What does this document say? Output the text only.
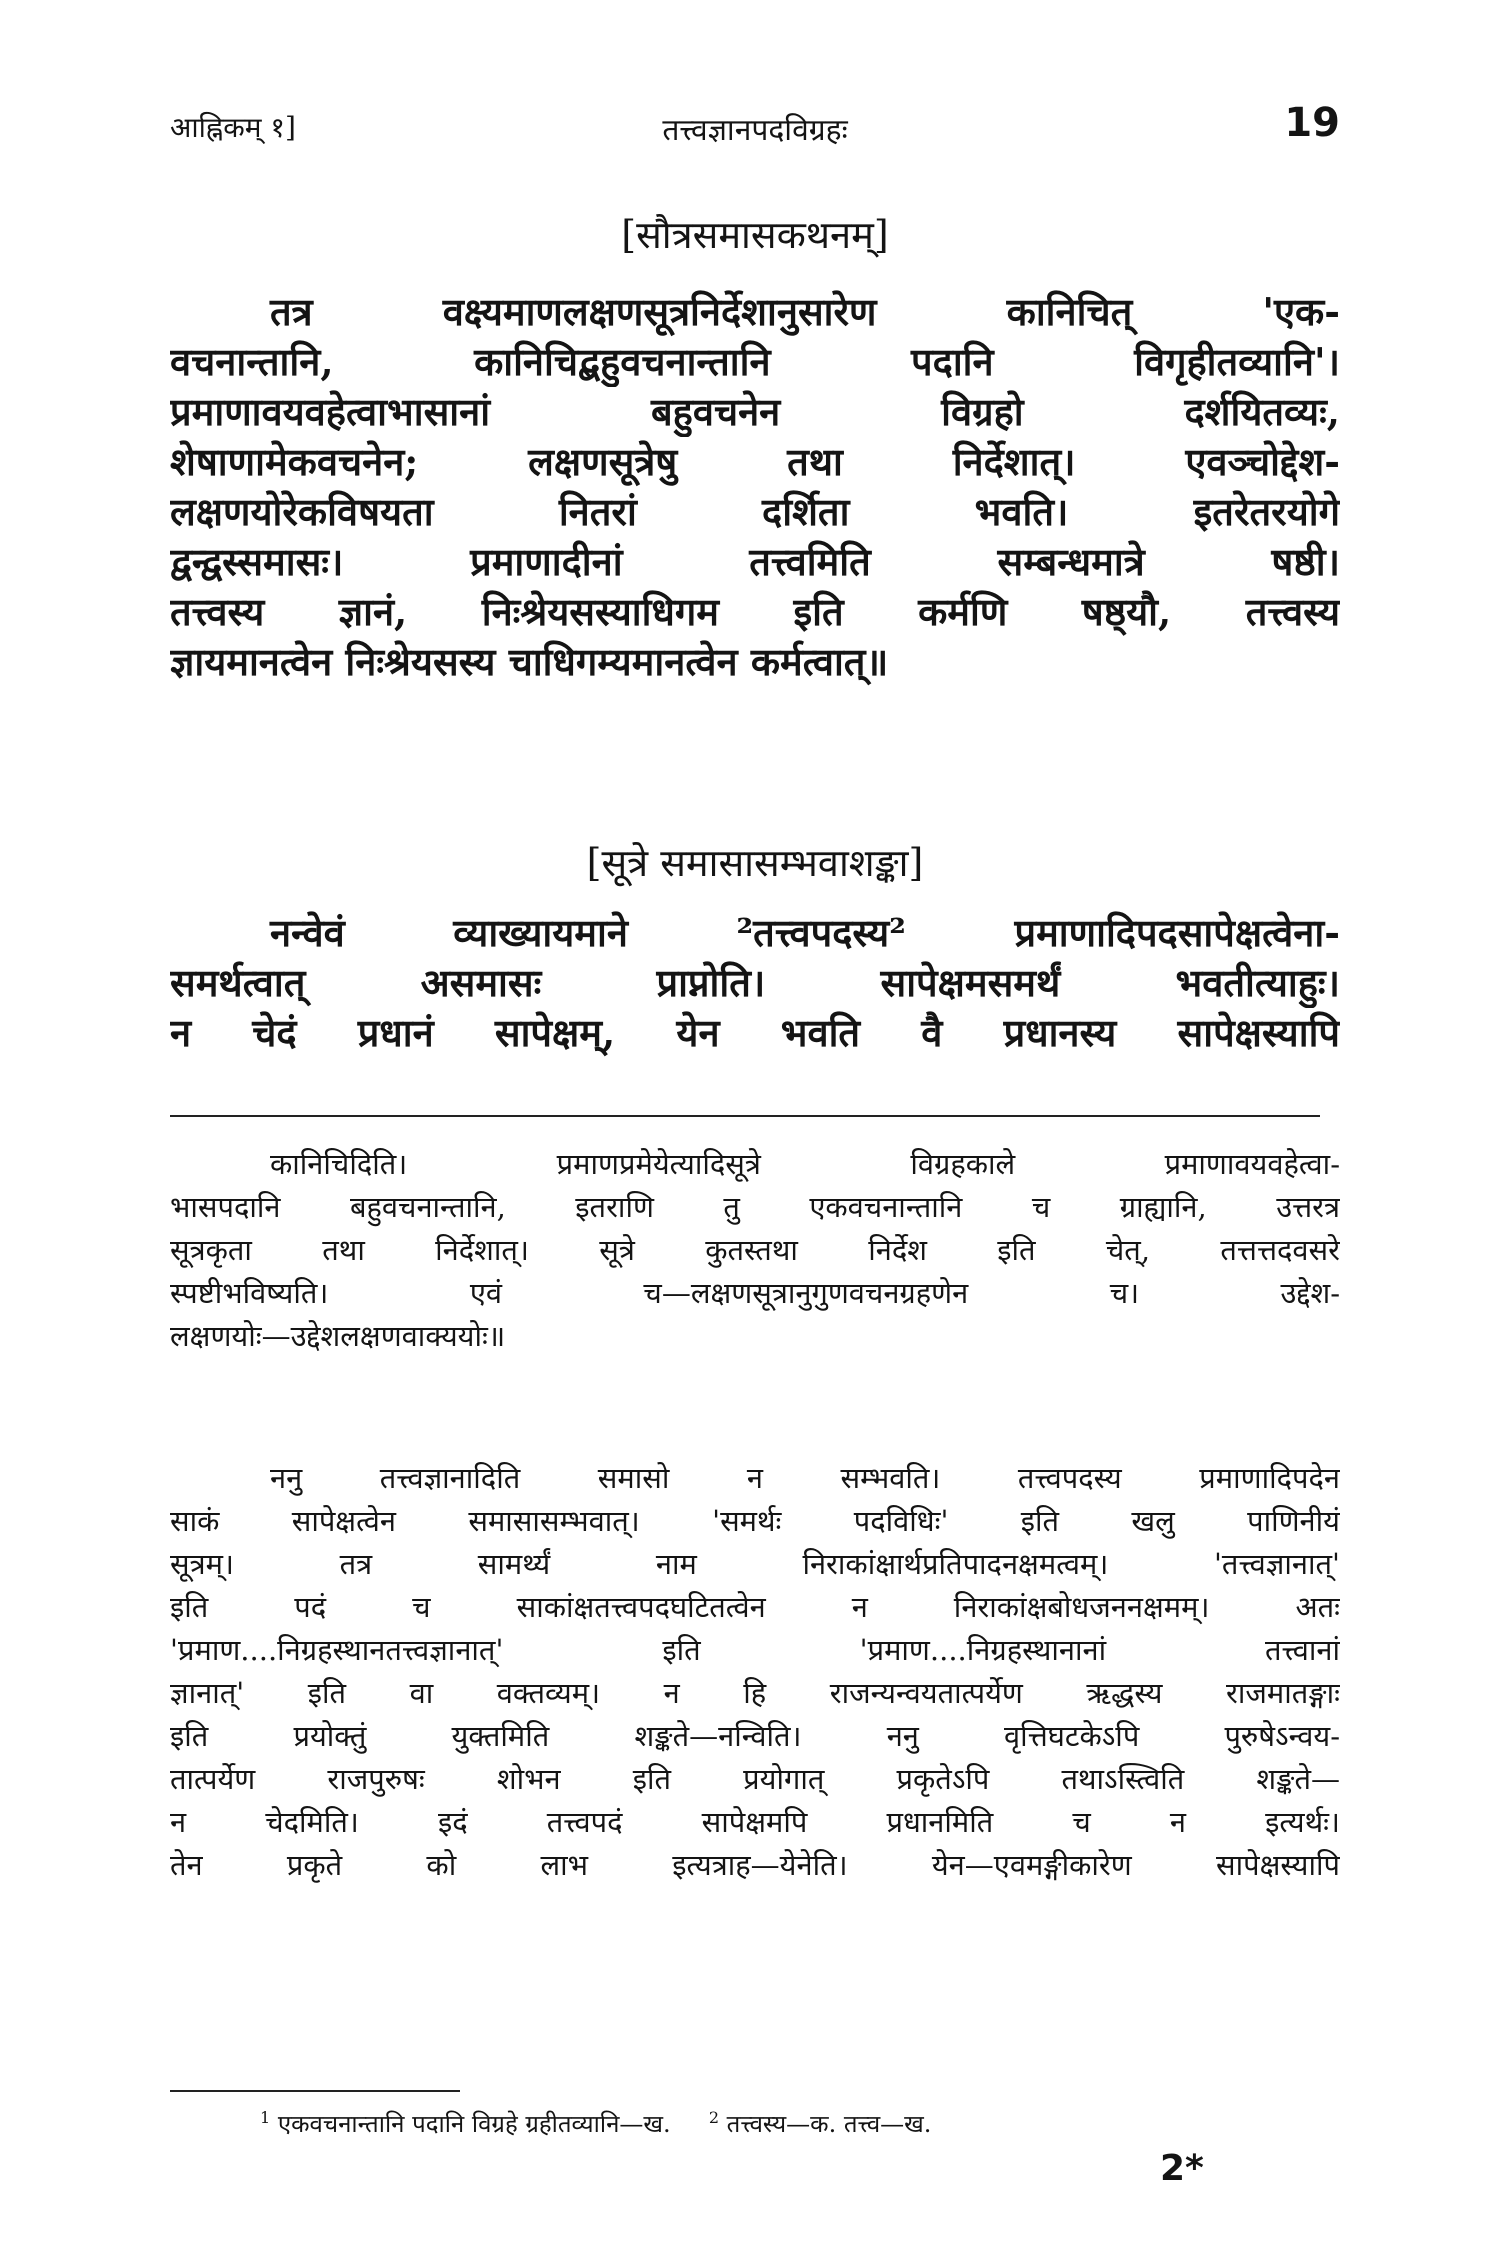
आह्निकम् १]	तत्त्वज्ञानपदविग्रहः	19
[सौत्रसमासकथनम्]
तत्र वक्ष्यमाणलक्षणसूत्रनिर्देशानुसारेण कानिचित् 'एक-
वचनान्तानि, कानिचिद्बहुवचनान्तानि पदानि विगृहीतव्यानि'।
प्रमाणावयवहेत्वाभासानां बहुवचनेन विग्रहो दर्शयितव्यः,
शेषाणामेकवचनेन; लक्षणसूत्रेषु तथा निर्देशात्। एवञ्चोद्देश-
लक्षणयोरेकविषयता नितरां दर्शिता भवति। इतरेतरयोगे
द्वन्द्वस्समासः। प्रमाणादीनां तत्त्वमिति सम्बन्धमात्रे षष्ठी।
तत्त्वस्य ज्ञानं, निःश्रेयसस्याधिगम इति कर्मणि षष्ठ्यौ, तत्त्वस्य
ज्ञायमानत्वेन निःश्रेयसस्य चाधिगम्यमानत्वेन कर्मत्वात्॥
[सूत्रे समासासम्भवाशङ्का]
नन्वेवं व्याख्यायमाने ²तत्त्वपदस्य² प्रमाणादिपदसापेक्षत्वेना-
समर्थत्वात् असमासः प्राप्नोति। सापेक्षमसमर्थं भवतीत्याहुः।
न चेदं प्रधानं सापेक्षम्, येन भवति वै प्रधानस्य सापेक्षस्यापि
कानिचिदिति। प्रमाणप्रमेयेत्यादिसूत्रे विग्रहकाले प्रमाणावयवहेत्वा-
भासपदानि बहुवचनान्तानि, इतराणि तु एकवचनान्तानि च ग्राह्यानि, उत्तरत्र
सूत्रकृता तथा निर्देशात्। सूत्रे कुतस्तथा निर्देश इति चेत्, तत्तत्तदवसरे
स्पष्टीभविष्यति। एवं च—लक्षणसूत्रानुगुणवचनग्रहणेन च। उद्देश-
लक्षणयोः—उद्देशलक्षणवाक्ययोः॥
ननु तत्त्वज्ञानादिति समासो न सम्भवति। तत्त्वपदस्य प्रमाणादिपदेन
साकं सापेक्षत्वेन समासासम्भवात्। 'समर्थः पदविधिः' इति खलु पाणिनीयं
सूत्रम्। तत्र सामर्थ्यं नाम निराकांक्षार्थप्रतिपादनक्षमत्वम्। 'तत्त्वज्ञानात्'
इति पदं च साकांक्षतत्त्वपदघटितत्वेन न निराकांक्षबोधजननक्षमम्। अतः
'प्रमाण....निग्रहस्थानतत्त्वज्ञानात्' इति 'प्रमाण....निग्रहस्थानानां तत्त्वानां
ज्ञानात्' इति वा वक्तव्यम्। न हि राजन्यन्वयतात्पर्येण ऋद्धस्य राजमातङ्गाः
इति प्रयोक्तुं युक्तमिति शङ्कते—नन्विति। ननु वृत्तिघटकेऽपि पुरुषेऽन्वय-
तात्पर्येण राजपुरुषः शोभन इति प्रयोगात् प्रकृतेऽपि तथाऽस्त्विति शङ्कते—
न चेदमिति। इदं तत्त्वपदं सापेक्षमपि प्रधानमिति च न इत्यर्थः।
तेन प्रकृते को लाभ इत्यत्राह—येनेति। येन—एवमङ्गीकारेण सापेक्षस्यापि
$^1$ एकवचनान्तानि पदानि विग्रहे ग्रहीतव्यानि—ख. $^2$ तत्त्वस्य—क. तत्त्व—ख.
2*
